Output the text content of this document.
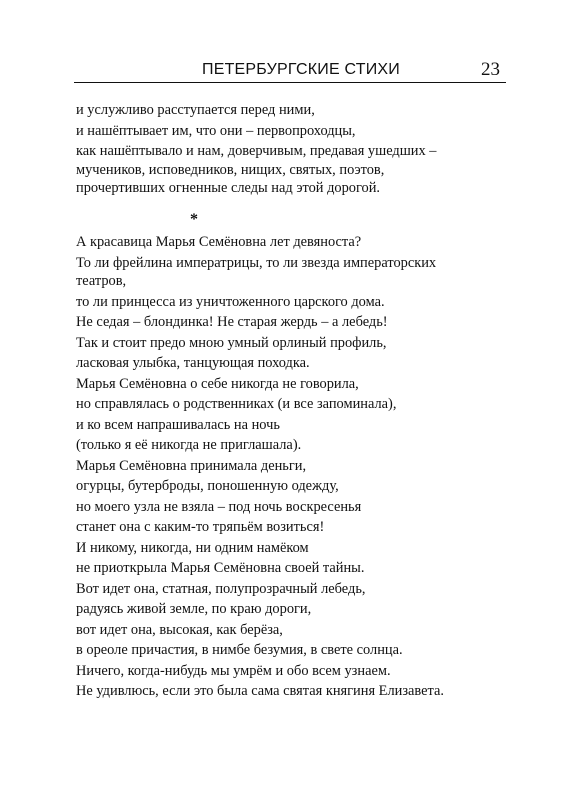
ПЕТЕРБУРГСКИЕ СТИХИ	23
и услужливо расступается перед ними,
и нашёптывает им, что они – первопроходцы,
как нашёптывало и нам, доверчивым, предавая ушедших –
мучеников, исповедников, нищих, святых, поэтов,
прочертивших огненные следы над этой дорогой.
*
А красавица Марья Семёновна лет девяноста?
То ли фрейлина императрицы, то ли звезда императорских
театров,
то ли принцесса из уничтоженного царского дома.
Не седая – блондинка! Не старая жердь – а лебедь!
Так и стоит предо мною умный орлиный профиль,
ласковая улыбка, танцующая походка.
Марья Семёновна о себе никогда не говорила,
но справлялась о родственниках (и все запоминала),
и ко всем напрашивалась на ночь
(только я её никогда не приглашала).
Марья Семёновна принимала деньги,
огурцы, бутерброды, поношенную одежду,
но моего узла не взяла – под ночь воскресенья
станет она с каким-то тряпьём возиться!
И никому, никогда, ни одним намёком
не приоткрыла Марья Семёновна своей тайны.
Вот идет она, статная, полупрозрачный лебедь,
радуясь живой земле, по краю дороги,
вот идет она, высокая, как берёза,
в ореоле причастия, в нимбе безумия, в свете солнца.
Ничего, когда-нибудь мы умрём и обо всем узнаем.
Не удивлюсь, если это была сама святая княгиня Елизавета.
